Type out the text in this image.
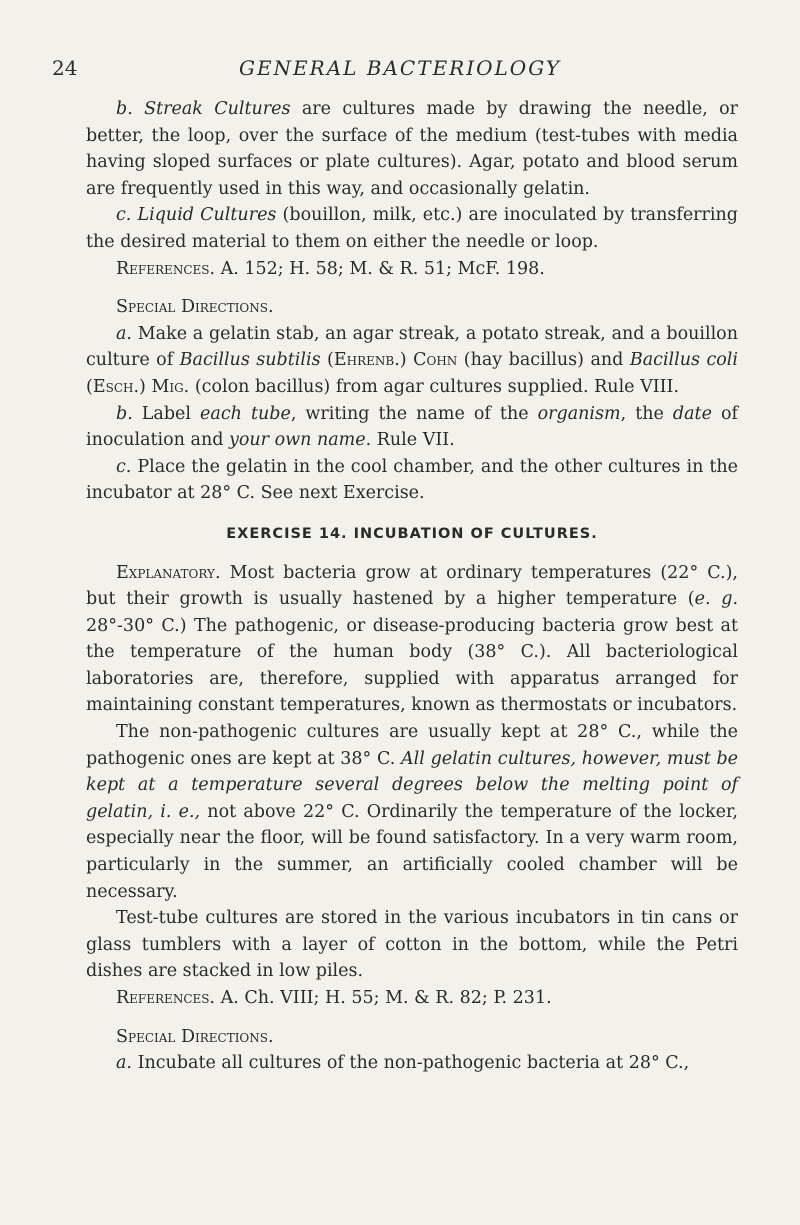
24	GENERAL BACTERIOLOGY

b. Streak Cultures are cultures made by drawing the needle, or better, the loop, over the surface of the medium (test-tubes with media having sloped surfaces or plate cultures). Agar, potato and blood serum are frequently used in this way, and occasionally gelatin.

c. Liquid Cultures (bouillon, milk, etc.) are inoculated by transferring the desired material to them on either the needle or loop.

References. A. 152; H. 58; M. & R. 51; McF. 198.

Special Directions.

a. Make a gelatin stab, an agar streak, a potato streak, and a bouillon culture of Bacillus subtilis (Ehrenb.) Cohn (hay bacillus) and Bacillus coli (Esch.) Mig. (colon bacillus) from agar cultures supplied. Rule VIII.

b. Label each tube, writing the name of the organism, the date of inoculation and your own name. Rule VII.

c. Place the gelatin in the cool chamber, and the other cultures in the incubator at 28° C. See next Exercise.

EXERCISE 14. INCUBATION OF CULTURES.

Explanatory. Most bacteria grow at ordinary temperatures (22° C.), but their growth is usually hastened by a higher temperature (e. g. 28°-30° C.) The pathogenic, or disease-producing bacteria grow best at the temperature of the human body (38° C.). All bacteriological laboratories are, therefore, supplied with apparatus arranged for maintaining constant temperatures, known as thermostats or incubators.

The non-pathogenic cultures are usually kept at 28° C., while the pathogenic ones are kept at 38° C. All gelatin cultures, however, must be kept at a temperature several degrees below the melting point of gelatin, i. e., not above 22° C. Ordinarily the temperature of the locker, especially near the floor, will be found satisfactory. In a very warm room, particularly in the summer, an artificially cooled chamber will be necessary.

Test-tube cultures are stored in the various incubators in tin cans or glass tumblers with a layer of cotton in the bottom, while the Petri dishes are stacked in low piles.

References. A. Ch. VIII; H. 55; M. & R. 82; P. 231.

Special Directions.

a. Incubate all cultures of the non-pathogenic bacteria at 28° C.,
